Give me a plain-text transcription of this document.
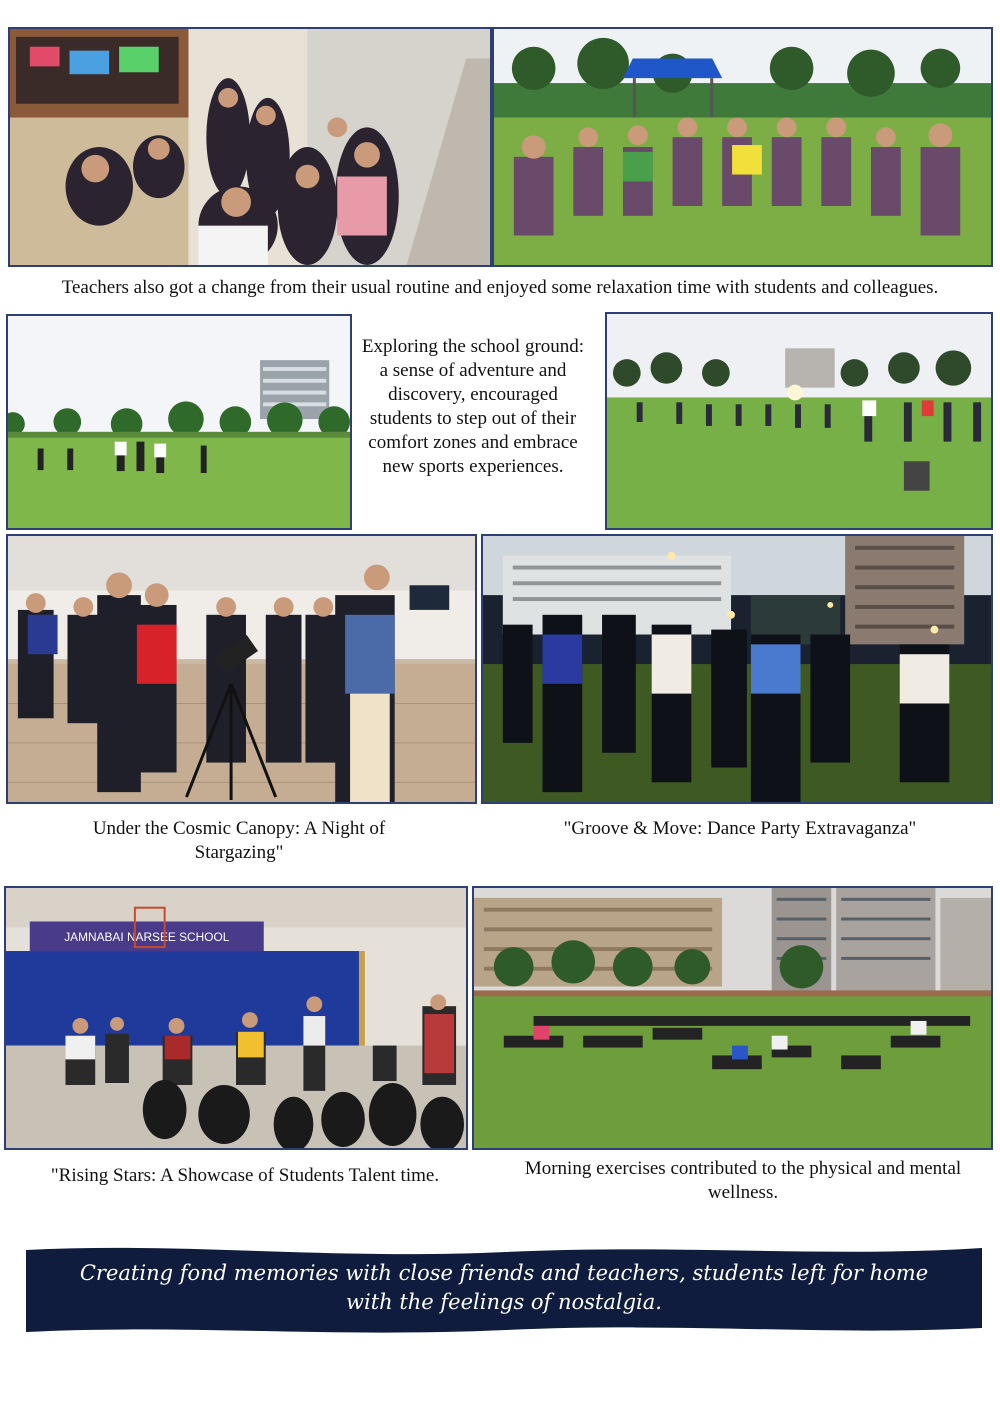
Teachers also got a change from their usual routine and enjoyed some relaxation time with students and colleagues.
Exploring the school ground: a sense of adventure and discovery, encouraged students to step out of their comfort zones and embrace new sports experiences.
Under the Cosmic Canopy: A Night of Stargazing"
"Groove & Move: Dance Party Extravaganza"
JAMNABAI NARSEE SCHOOL
"Rising Stars: A Showcase of Students Talent time.	Morning exercises contributed to the physical and mental wellness.
Creating fond memories with close friends and teachers, students left for home with the feelings of nostalgia.
